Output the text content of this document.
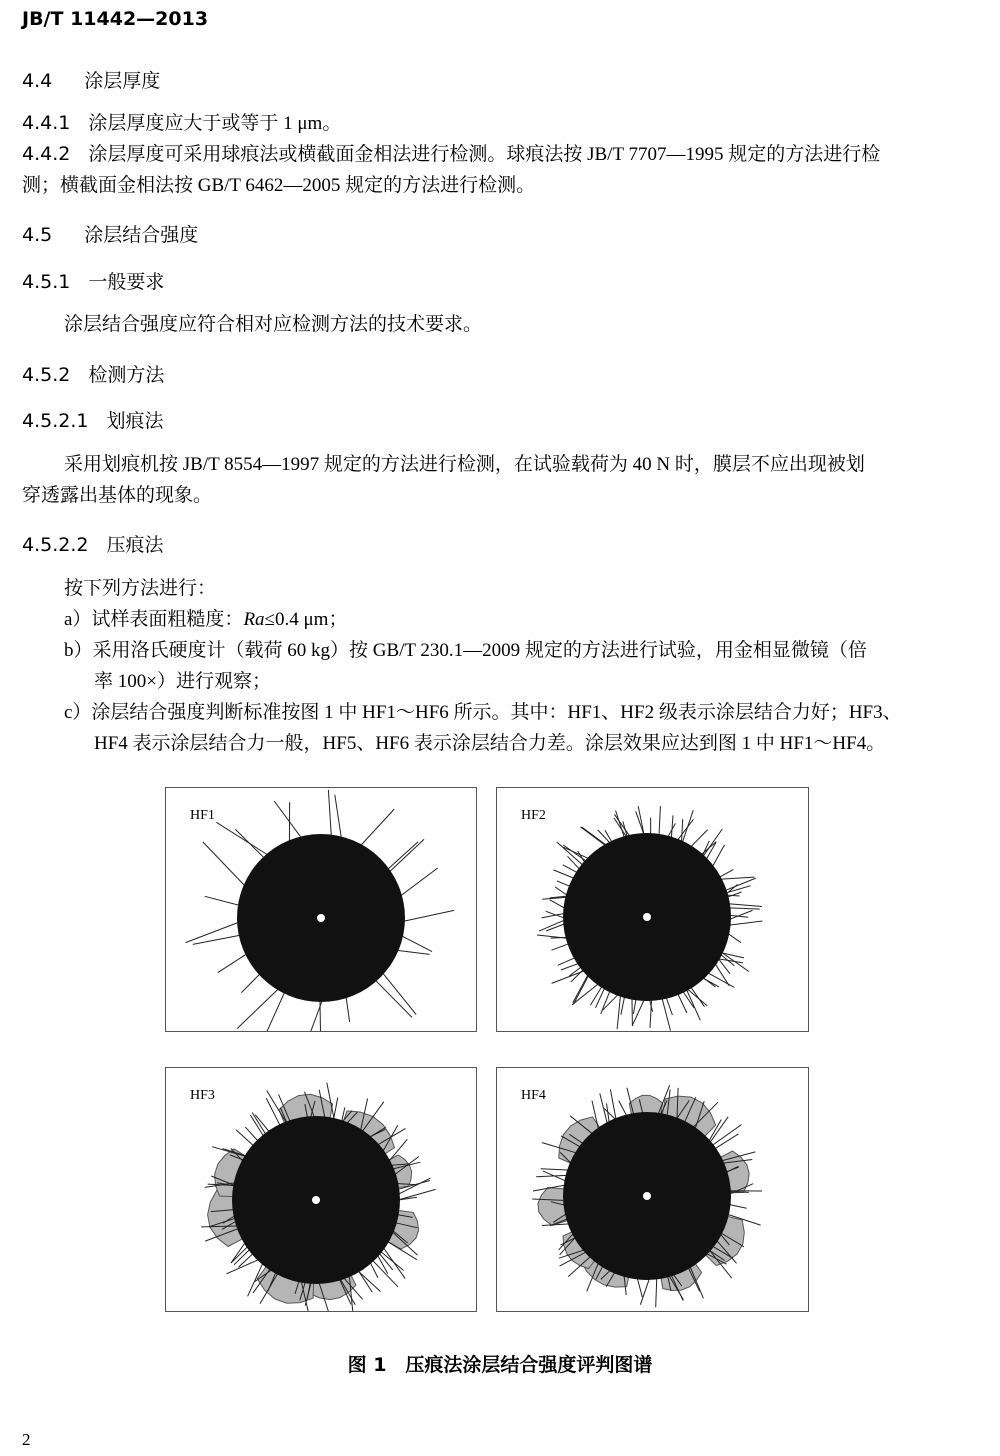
JB/T 11442—2013
4.4 涂层厚度
4.4.1 涂层厚度应大于或等于 1 μm。
4.4.2 涂层厚度可采用球痕法或横截面金相法进行检测。球痕法按 JB/T 7707—1995 规定的方法进行检
测；横截面金相法按 GB/T 6462—2005 规定的方法进行检测。
4.5 涂层结合强度
4.5.1 一般要求
涂层结合强度应符合相对应检测方法的技术要求。
4.5.2 检测方法
4.5.2.1 划痕法
采用划痕机按 JB/T 8554—1997 规定的方法进行检测，在试验载荷为 40 N 时，膜层不应出现被划
穿透露出基体的现象。
4.5.2.2 压痕法
按下列方法进行：
a）试样表面粗糙度：Ra≤0.4 μm；
b）采用洛氏硬度计（载荷 60 kg）按 GB/T 230.1—2009 规定的方法进行试验，用金相显微镜（倍
率 100×）进行观察；
c）涂层结合强度判断标准按图 1 中 HF1～HF6 所示。其中：HF1、HF2 级表示涂层结合力好；HF3、
HF4 表示涂层结合力一般，HF5、HF6 表示涂层结合力差。涂层效果应达到图 1 中 HF1～HF4。
HF1	HF2
HF3	HF4
图 1　压痕法涂层结合强度评判图谱
2
